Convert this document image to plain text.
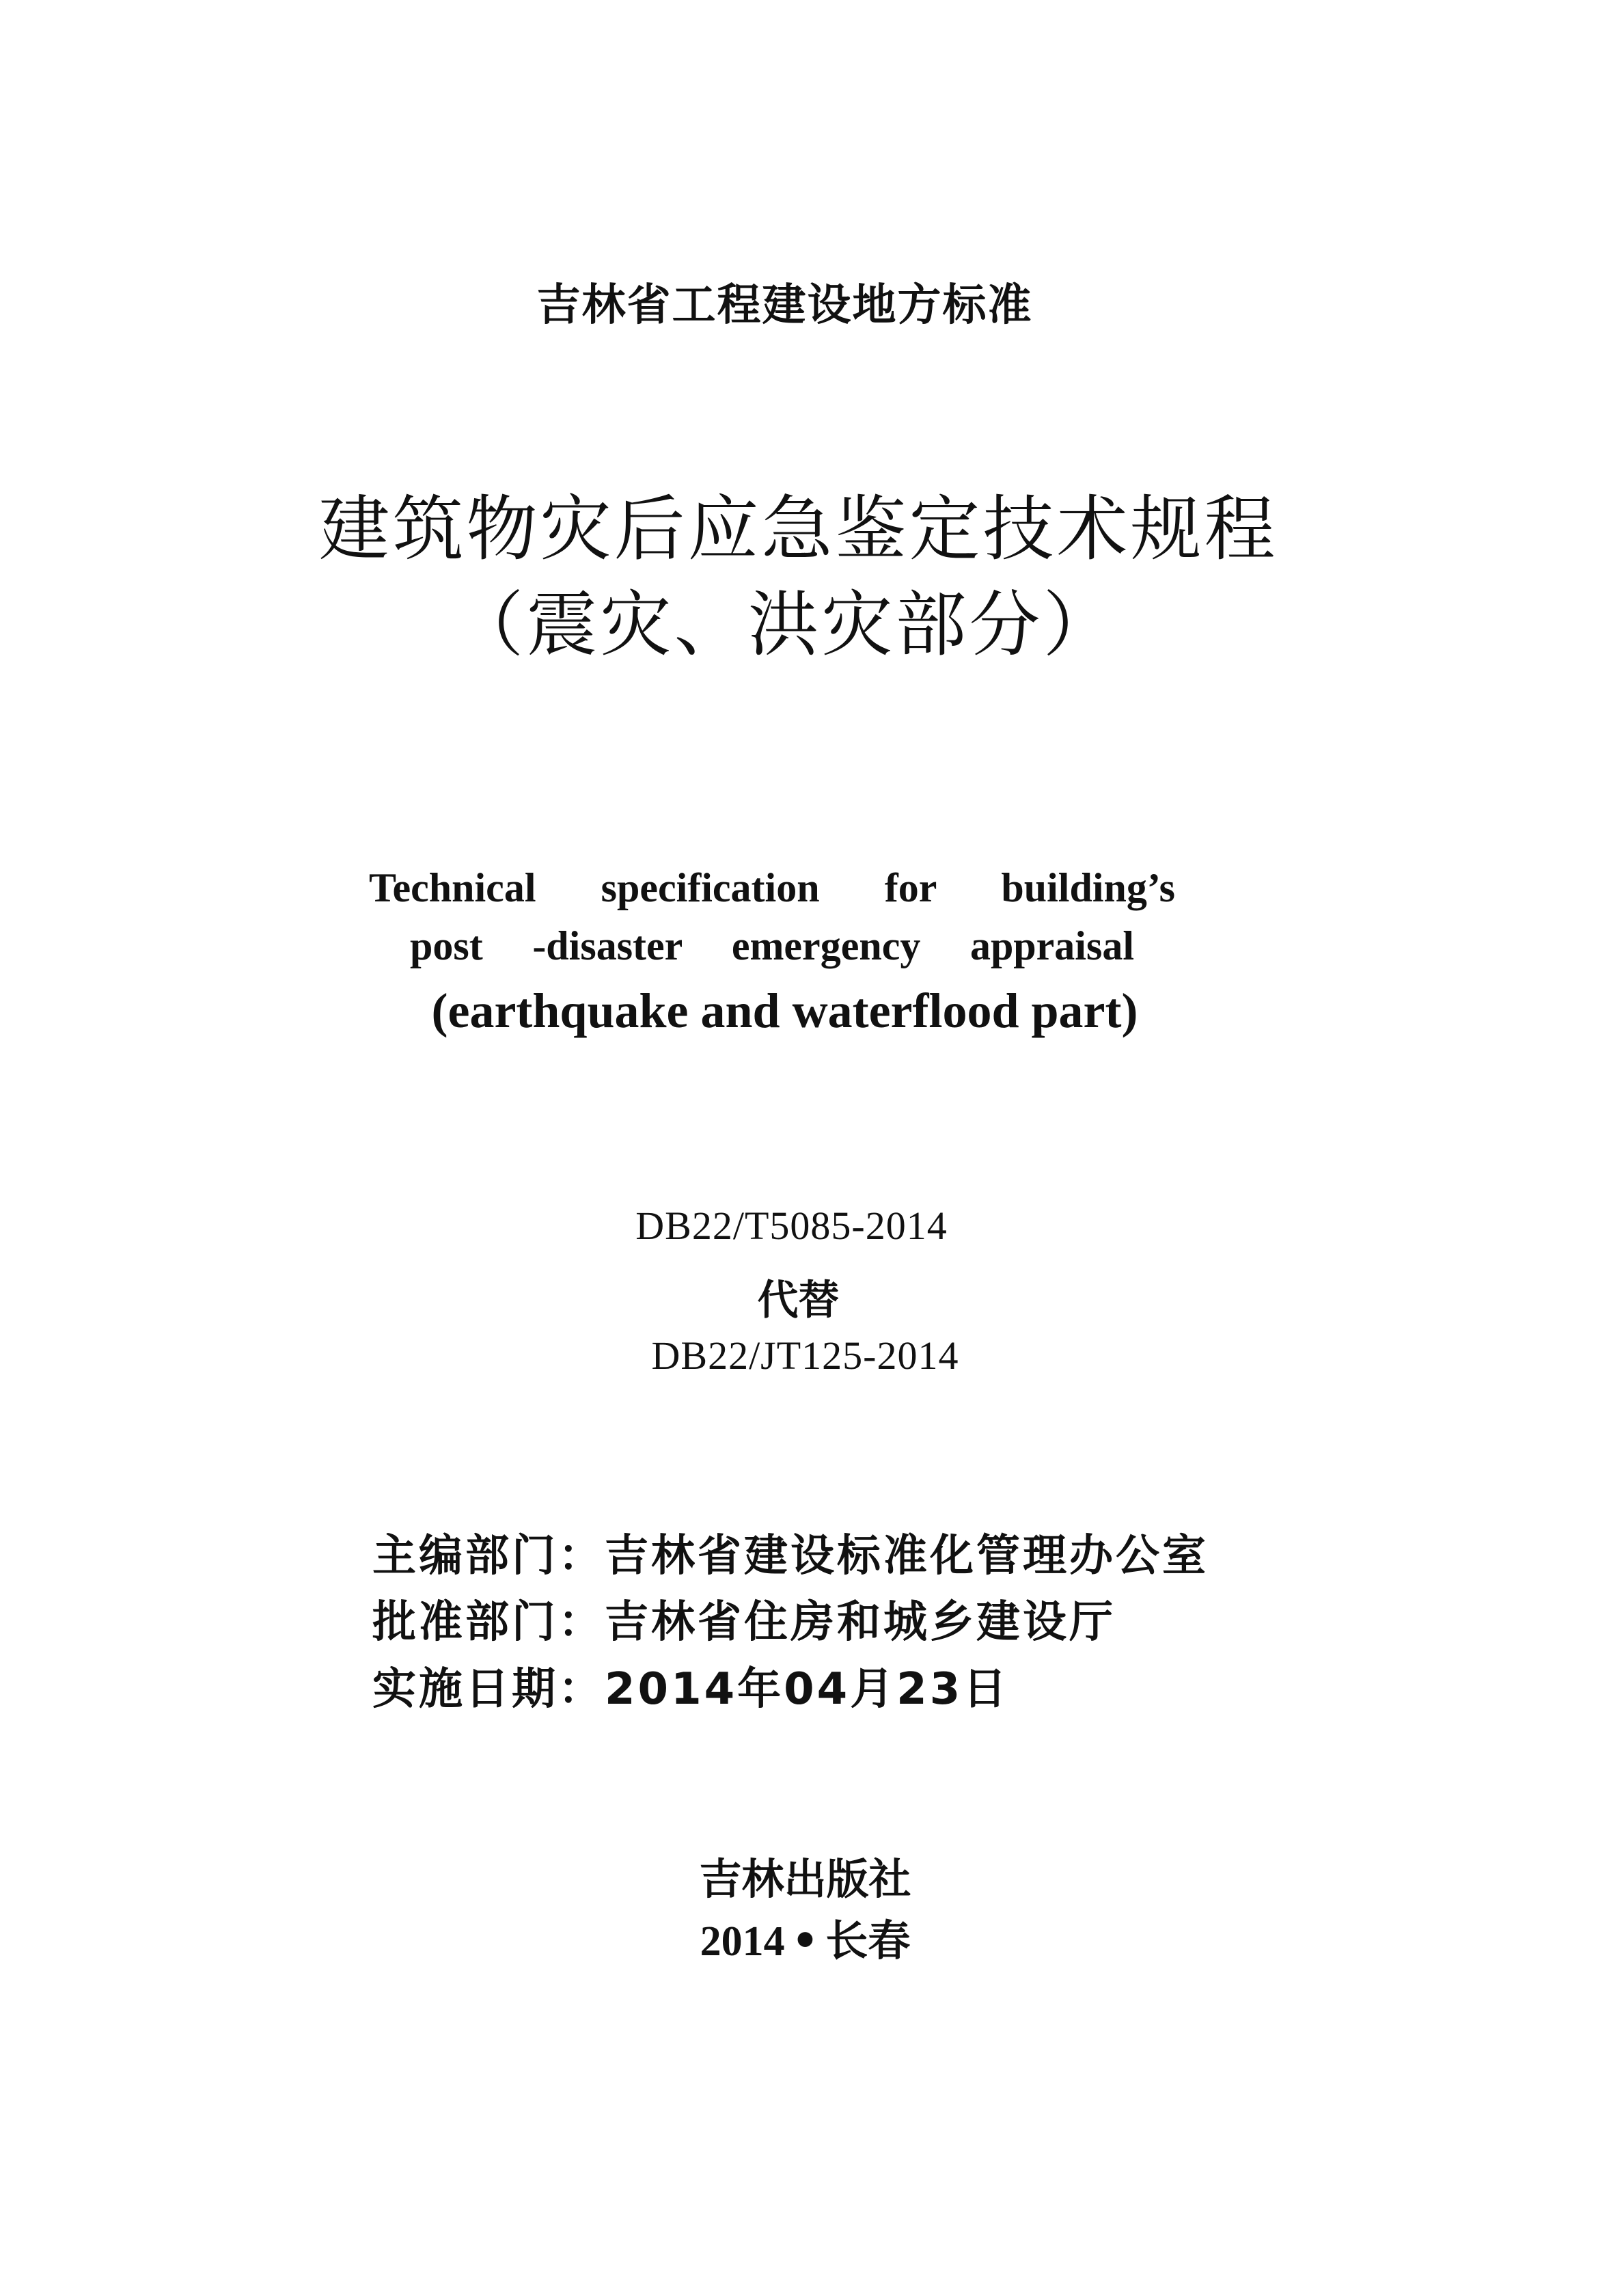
吉林省工程建设地方标准

建筑物灾后应急鉴定技术规程

（震灾、洪灾部分）

Technical specification for building’s

post -disaster emergency appraisal

(earthquake and waterflood part)

DB22/T5085-2014

代替

DB22/JT125-2014

主编部门：吉林省建设标准化管理办公室

批准部门：吉林省住房和城乡建设厅

实施日期：2014年04月23日

吉林出版社

2014 • 长春
